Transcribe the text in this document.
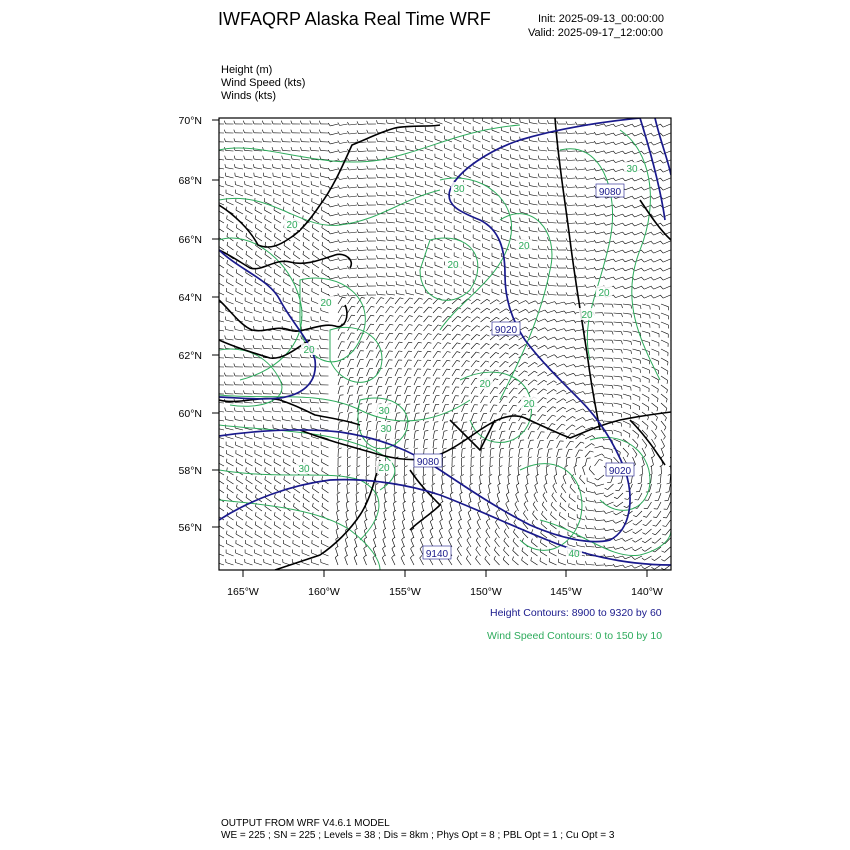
IWFAQRP Alaska Real Time WRF	Init: 2025-09-13_00:00:00
Valid: 2025-09-17_12:00:00
Height (m)
Wind Speed (kts)
Winds (kts)
9080
9020
9020
9080
9140
20
20
20
20
30
20
20
20
20
30
30
20
20
30
40
30
70°N
68°N
66°N
64°N
62°N
60°N
58°N
56°N
165°W	160°W	155°W	150°W	145°W	140°W
Height Contours: 8900 to 9320 by 60
Wind Speed Contours: 0 to 150 by 10
OUTPUT FROM WRF V4.6.1 MODEL
WE = 225 ; SN = 225 ; Levels = 38 ; Dis = 8km ; Phys Opt = 8 ; PBL Opt = 1 ; Cu Opt = 3
